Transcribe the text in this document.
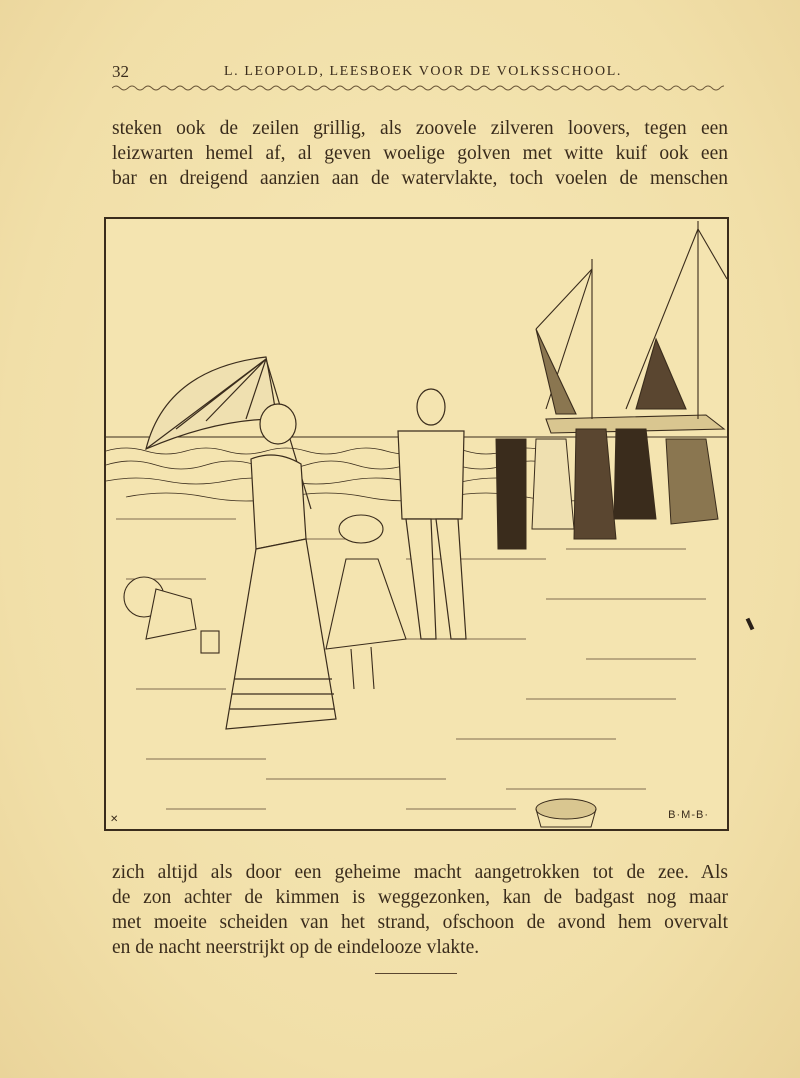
32	L. LEOPOLD, LEESBOEK VOOR DE VOLKSSCHOOL.
steken ook de zeilen grillig, als zoovele zilveren loovers, tegen een
leizwarten hemel af, al geven woelige golven met witte kuif ook een
bar en dreigend aanzien aan de watervlakte, toch voelen de menschen
✕	B·M-B·
zich altijd als door een geheime macht aangetrokken tot de zee. Als
de zon achter de kimmen is weggezonken, kan de badgast nog maar
met moeite scheiden van het strand, ofschoon de avond hem overvalt
en de nacht neerstrijkt op de eindelooze vlakte.
